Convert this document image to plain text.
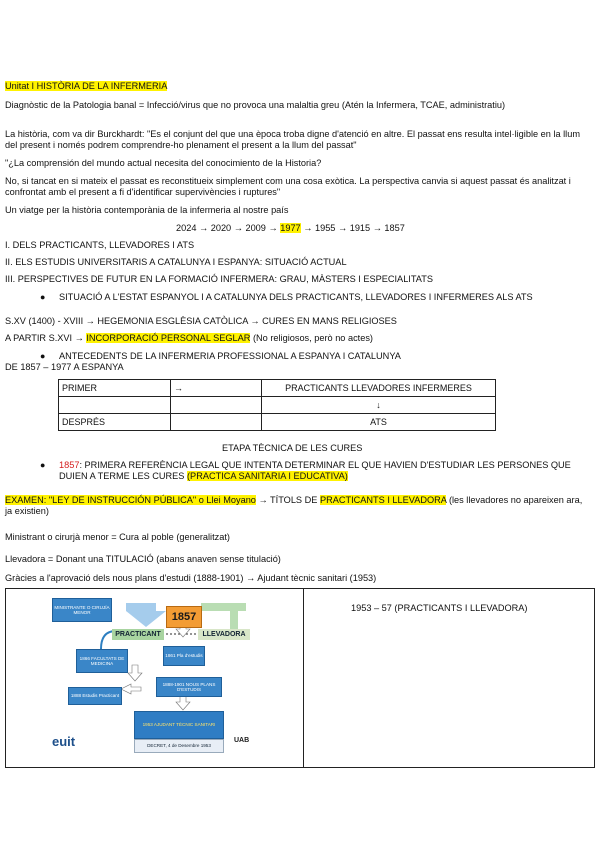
Unitat I HISTÒRIA DE LA INFERMERIA
Diagnòstic de la Patologia banal = Infecció/virus que no provoca una malaltia greu (Atén la Infermera, TCAE, administratiu)
La història, com va dir Burckhardt: "Es el conjunt del que una època troba digne d'atenció en altre. El passat ens resulta intel·ligible en la llum del present i només podrem comprendre-ho plenament el present a la llum del passat"
"¿La comprensión del mundo actual necesita del conocimiento de la Historia?
No, si tancat en si mateix el passat es reconstitueix simplement com una cosa exòtica. La perspectiva canvia si aquest passat és analitzat i confrontat amb el present a fi d'identificar supervivències i ruptures"
Un viatge per la història contemporània de la infermeria al nostre país
2024 → 2020 → 2009 → 1977 → 1955 → 1915 → 1857
I. DELS PRACTICANTS, LLEVADORES I ATS
II. ELS ESTUDIS UNIVERSITARIS A CATALUNYA I ESPANYA: SITUACIÓ ACTUAL
III. PERSPECTIVES DE FUTUR EN LA FORMACIÓ INFERMERA: GRAU, MÀSTERS I ESPECIALITATS
● SITUACIÓ A L'ESTAT ESPANYOL I A CATALUNYA DELS PRACTICANTS, LLEVADORES I INFERMERES ALS ATS
S.XV (1400) - XVIII → HEGEMONIA ESGLÈSIA CATÒLICA → CURES EN MANS RELIGIOSES
A PARTIR S.XVI → INCORPORACIÓ PERSONAL SEGLAR (No religiosos, però no actes)
● ANTECEDENTS DE LA INFERMERIA PROFESSIONAL A ESPANYA I CATALUNYA
DE 1857 – 1977 A ESPANYA
PRIMER	→	PRACTICANTS LLEVADORES INFERMERES
		↓
DESPRÉS		ATS
ETAPA TÈCNICA DE LES CURES
● 1857: PRIMERA REFERÈNCIA LEGAL QUE INTENTA DETERMINAR EL QUE HAVIEN D'ESTUDIAR LES PERSONES QUE DUIEN A TERME LES CURES (PRACTICA SANITARIA I EDUCATIVA)
EXAMEN: "LEY DE INSTRUCCIÓN PÚBLICA" o Llei Moyano → TÍTOLS DE PRACTICANTS I LLEVADORA (les llevadores no apareixen ara, ja existien)
Ministrant o cirurjà menor = Cura al poble (generalitzat)
Llevadora = Donant una TITULACIÓ (abans anaven sense titulació)
Gràcies a l'aprovació dels nous plans d'estudi (1888-1901) → Ajudant tècnic sanitari (1953)
1953 – 57 (PRACTICANTS I LLEVADORA)
MINISTRANTE O CIRUJÍA MENOR	1857
PRACTICANT	LLEVADORA
1861 Pla d'estudis
1866 FACULTATS DE MEDICINA
1888-1901 NOUS PLANS D'ESTUDIS
1888 Estudis Practicant
1953 AJUDANT TÈCNIC SANITARI
DECRET, 4 de Desembre 1953
euit	UAB
